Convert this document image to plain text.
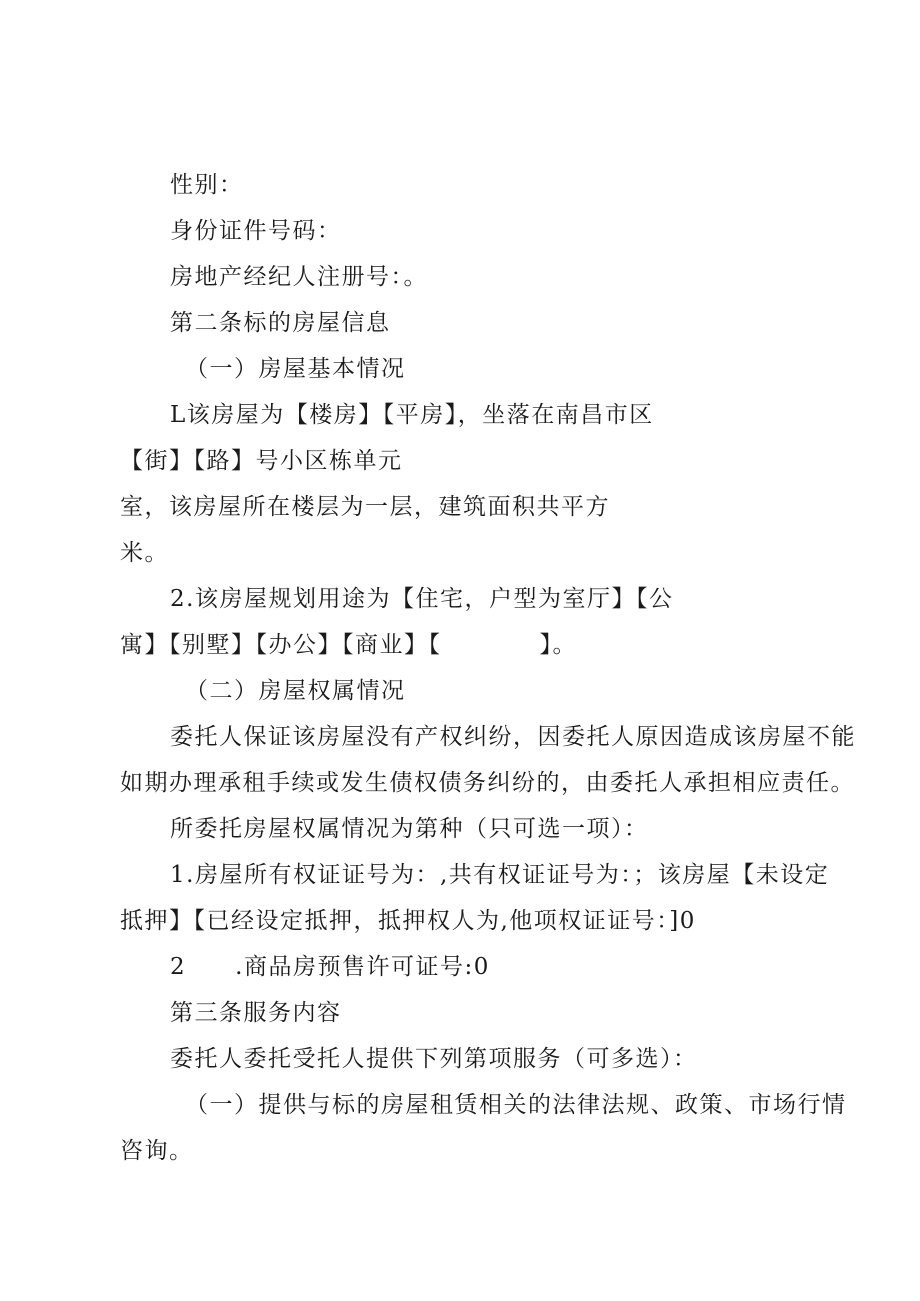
性别：
身份证件号码：
房地产经纪人注册号：。
第二条标的房屋信息
（一）房屋基本情况
L该房屋为【楼房】【平房】，坐落在南昌市区
【街】【路】号小区栋单元
室，该房屋所在楼层为一层，建筑面积共平方
米。
2.该房屋规划用途为【住宅，户型为室厅】【公
寓】【别墅】【办公】【商业】【　　　　】。
（二）房屋权属情况
委托人保证该房屋没有产权纠纷，因委托人原因造成该房屋不能
如期办理承租手续或发生债权债务纠纷的，由委托人承担相应责任。
所委托房屋权属情况为第种（只可选一项）：
1.房屋所有权证证号为：,共有权证证号为：；该房屋【未设定
抵押】【已经设定抵押，抵押权人为,他项权证证号：]0
2　　.商品房预售许可证号:0
第三条服务内容
委托人委托受托人提供下列第项服务（可多选）：
（一）提供与标的房屋租赁相关的法律法规、政策、市场行情
咨询。
